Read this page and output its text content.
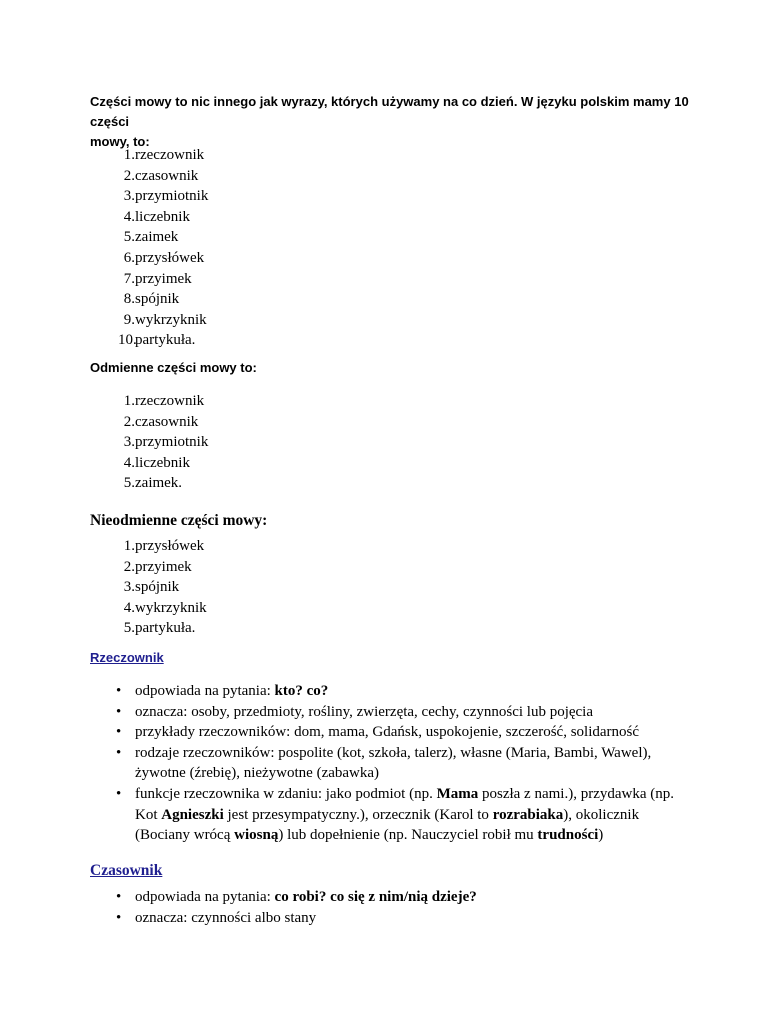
Części mowy to nic innego jak wyrazy, których używamy na co dzień. W języku polskim mamy 10 części
mowy, to:
1. rzeczownik
2. czasownik
3. przymiotnik
4. liczebnik
5. zaimek
6. przysłówek
7. przyimek
8. spójnik
9. wykrzyknik
10.
partykuła.
Odmienne części mowy to:
1. rzeczownik
2. czasownik
3. przymiotnik
4. liczebnik
5. zaimek.
Nieodmienne części mowy:
1. przysłówek
2. przyimek
3. spójnik
4. wykrzyknik
5. partykuła.
Rzeczownik
• odpowiada na pytania: kto? co?
• oznacza: osoby, przedmioty, rośliny, zwierzęta, cechy, czynności lub pojęcia
• przykłady rzeczowników: dom, mama, Gdańsk, uspokojenie, szczerość, solidarność
• rodzaje rzeczowników: pospolite (kot, szkoła, talerz), własne (Maria, Bambi, Wawel),
żywotne (źrebię), nieżywotne (zabawka)
• funkcje rzeczownika w zdaniu: jako podmiot (np. Mama poszła z nami.), przydawka (np.
Kot Agnieszki jest przesympatyczny.), orzecznik (Karol to rozrabiaka), okolicznik
(Bociany wrócą wiosną) lub dopełnienie (np. Nauczyciel robił mu trudności)
Czasownik
• odpowiada na pytania: co robi? co się z nim/nią dzieje?
• oznacza: czynności albo stany
